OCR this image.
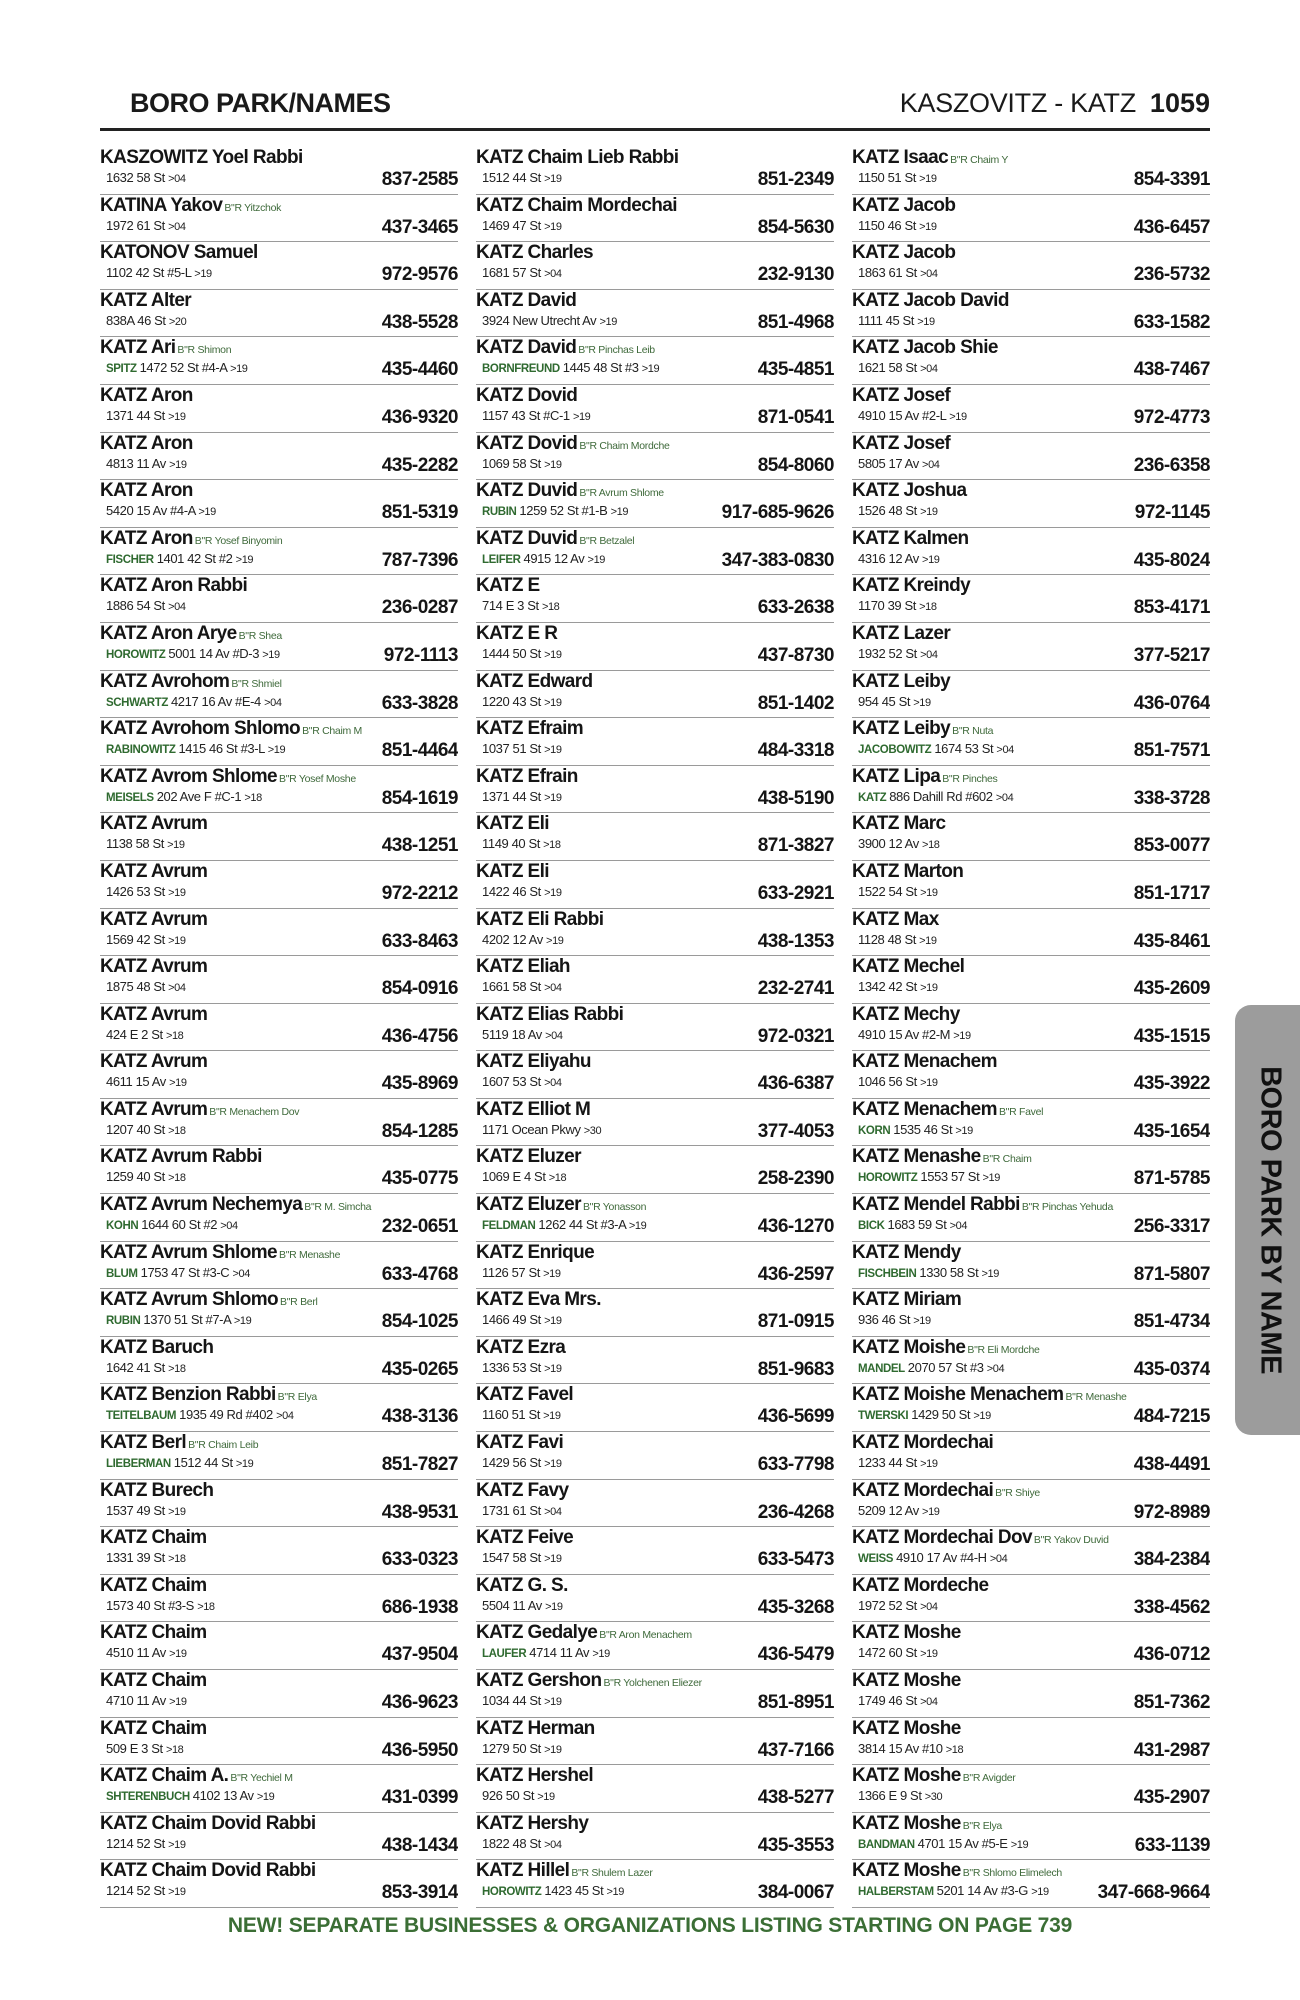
BORO PARK/NAMES	KASZOVITZ - KATZ 1059
KASZOWITZ Yoel Rabbi
1632 58 St >04	837-2585
KATINA Yakov B"R Yitzchok
1972 61 St >04	437-3465
KATONOV Samuel
1102 42 St #5-L >19	972-9576
KATZ Alter
838A 46 St >20	438-5528
KATZ Ari B"R Shimon
SPITZ 1472 52 St #4-A >19	435-4460
KATZ Aron
1371 44 St >19	436-9320
KATZ Aron
4813 11 Av >19	435-2282
KATZ Aron
5420 15 Av #4-A >19	851-5319
KATZ Aron B"R Yosef Binyomin
FISCHER 1401 42 St #2 >19	787-7396
KATZ Aron Rabbi
1886 54 St >04	236-0287
KATZ Aron Arye B"R Shea
HOROWITZ 5001 14 Av #D-3 >19	972-1113
KATZ Avrohom B"R Shmiel
SCHWARTZ 4217 16 Av #E-4 >04	633-3828
KATZ Avrohom Shlomo B"R Chaim M
RABINOWITZ 1415 46 St #3-L >19	851-4464
KATZ Avrom Shlome B"R Yosef Moshe
MEISELS 202 Ave F #C-1 >18	854-1619
KATZ Avrum
1138 58 St >19	438-1251
KATZ Avrum
1426 53 St >19	972-2212
KATZ Avrum
1569 42 St >19	633-8463
KATZ Avrum
1875 48 St >04	854-0916
KATZ Avrum
424 E 2 St >18	436-4756
KATZ Avrum
4611 15 Av >19	435-8969
KATZ Avrum B"R Menachem Dov
1207 40 St >18	854-1285
KATZ Avrum Rabbi
1259 40 St >18	435-0775
KATZ Avrum Nechemya B"R M. Simcha
KOHN 1644 60 St #2 >04	232-0651
KATZ Avrum Shlome B"R Menashe
BLUM 1753 47 St #3-C >04	633-4768
KATZ Avrum Shlomo B"R Berl
RUBIN 1370 51 St #7-A >19	854-1025
KATZ Baruch
1642 41 St >18	435-0265
KATZ Benzion Rabbi B"R Elya
TEITELBAUM 1935 49 Rd #402 >04	438-3136
KATZ Berl B"R Chaim Leib
LIEBERMAN 1512 44 St >19	851-7827
KATZ Burech
1537 49 St >19	438-9531
KATZ Chaim
1331 39 St >18	633-0323
KATZ Chaim
1573 40 St #3-S >18	686-1938
KATZ Chaim
4510 11 Av >19	437-9504
KATZ Chaim
4710 11 Av >19	436-9623
KATZ Chaim
509 E 3 St >18	436-5950
KATZ Chaim A. B"R Yechiel M
SHTERENBUCH 4102 13 Av >19	431-0399
KATZ Chaim Dovid Rabbi
1214 52 St >19	438-1434
KATZ Chaim Dovid Rabbi
1214 52 St >19	853-3914
KATZ Chaim Lieb Rabbi
1512 44 St >19	851-2349
KATZ Chaim Mordechai
1469 47 St >19	854-5630
KATZ Charles
1681 57 St >04	232-9130
KATZ David
3924 New Utrecht Av >19	851-4968
KATZ David B"R Pinchas Leib
BORNFREUND 1445 48 St #3 >19	435-4851
KATZ Dovid
1157 43 St #C-1 >19	871-0541
KATZ Dovid B"R Chaim Mordche
1069 58 St >19	854-8060
KATZ Duvid B"R Avrum Shlome
RUBIN 1259 52 St #1-B >19	917-685-9626
KATZ Duvid B"R Betzalel
LEIFER 4915 12 Av >19	347-383-0830
KATZ E
714 E 3 St >18	633-2638
KATZ E R
1444 50 St >19	437-8730
KATZ Edward
1220 43 St >19	851-1402
KATZ Efraim
1037 51 St >19	484-3318
KATZ Efrain
1371 44 St >19	438-5190
KATZ Eli
1149 40 St >18	871-3827
KATZ Eli
1422 46 St >19	633-2921
KATZ Eli Rabbi
4202 12 Av >19	438-1353
KATZ Eliah
1661 58 St >04	232-2741
KATZ Elias Rabbi
5119 18 Av >04	972-0321
KATZ Eliyahu
1607 53 St >04	436-6387
KATZ Elliot M
1171 Ocean Pkwy >30	377-4053
KATZ Eluzer
1069 E 4 St >18	258-2390
KATZ Eluzer B"R Yonasson
FELDMAN 1262 44 St #3-A >19	436-1270
KATZ Enrique
1126 57 St >19	436-2597
KATZ Eva Mrs.
1466 49 St >19	871-0915
KATZ Ezra
1336 53 St >19	851-9683
KATZ Favel
1160 51 St >19	436-5699
KATZ Favi
1429 56 St >19	633-7798
KATZ Favy
1731 61 St >04	236-4268
KATZ Feive
1547 58 St >19	633-5473
KATZ G. S.
5504 11 Av >19	435-3268
KATZ Gedalye B"R Aron Menachem
LAUFER 4714 11 Av >19	436-5479
KATZ Gershon B"R Yolchenen Eliezer
1034 44 St >19	851-8951
KATZ Herman
1279 50 St >19	437-7166
KATZ Hershel
926 50 St >19	438-5277
KATZ Hershy
1822 48 St >04	435-3553
KATZ Hillel B"R Shulem Lazer
HOROWITZ 1423 45 St >19	384-0067
KATZ Isaac B"R Chaim Y
1150 51 St >19	854-3391
KATZ Jacob
1150 46 St >19	436-6457
KATZ Jacob
1863 61 St >04	236-5732
KATZ Jacob David
1111 45 St >19	633-1582
KATZ Jacob Shie
1621 58 St >04	438-7467
KATZ Josef
4910 15 Av #2-L >19	972-4773
KATZ Josef
5805 17 Av >04	236-6358
KATZ Joshua
1526 48 St >19	972-1145
KATZ Kalmen
4316 12 Av >19	435-8024
KATZ Kreindy
1170 39 St >18	853-4171
KATZ Lazer
1932 52 St >04	377-5217
KATZ Leiby
954 45 St >19	436-0764
KATZ Leiby B"R Nuta
JACOBOWITZ 1674 53 St >04	851-7571
KATZ Lipa B"R Pinches
KATZ 886 Dahill Rd #602 >04	338-3728
KATZ Marc
3900 12 Av >18	853-0077
KATZ Marton
1522 54 St >19	851-1717
KATZ Max
1128 48 St >19	435-8461
KATZ Mechel
1342 42 St >19	435-2609
KATZ Mechy
4910 15 Av #2-M >19	435-1515
KATZ Menachem
1046 56 St >19	435-3922
KATZ Menachem B"R Favel
KORN 1535 46 St >19	435-1654
KATZ Menashe B"R Chaim
HOROWITZ 1553 57 St >19	871-5785
KATZ Mendel Rabbi B"R Pinchas Yehuda
BICK 1683 59 St >04	256-3317
KATZ Mendy
FISCHBEIN 1330 58 St >19	871-5807
KATZ Miriam
936 46 St >19	851-4734
KATZ Moishe B"R Eli Mordche
MANDEL 2070 57 St #3 >04	435-0374
KATZ Moishe Menachem B"R Menashe
TWERSKI 1429 50 St >19	484-7215
KATZ Mordechai
1233 44 St >19	438-4491
KATZ Mordechai B"R Shiye
5209 12 Av >19	972-8989
KATZ Mordechai Dov B"R Yakov Duvid
WEISS 4910 17 Av #4-H >04	384-2384
KATZ Mordeche
1972 52 St >04	338-4562
KATZ Moshe
1472 60 St >19	436-0712
KATZ Moshe
1749 46 St >04	851-7362
KATZ Moshe
3814 15 Av #10 >18	431-2987
KATZ Moshe B"R Avigder
1366 E 9 St >30	435-2907
KATZ Moshe B"R Elya
BANDMAN 4701 15 Av #5-E >19	633-1139
KATZ Moshe B"R Shlomo Elimelech
HALBERSTAM 5201 14 Av #3-G >19	347-668-9664
BORO PARK BY NAME
NEW! SEPARATE BUSINESSES & ORGANIZATIONS LISTING STARTING ON PAGE 739
